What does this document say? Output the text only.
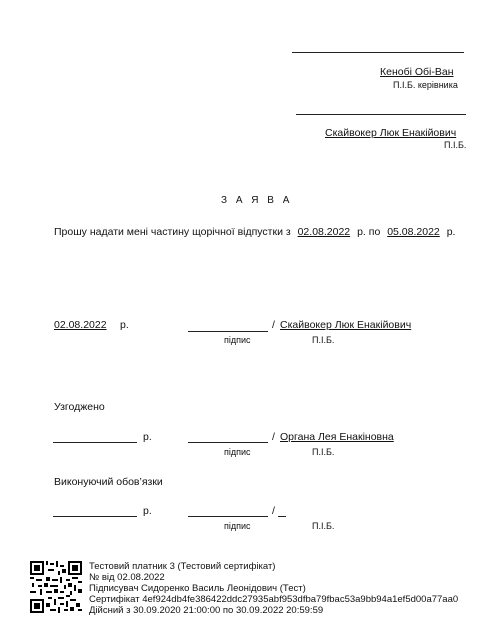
Кенобі Обі-Ван
П.І.Б. керівника
Скайвокер Люк Енакійович
П.І.Б.
З А Я В А
Прошу надати мені частину щорічної відпустки з 02.08.2022 р. по 05.08.2022 р.
02.08.2022 р.	/ Скайвокер Люк Енакійович
підпис	П.І.Б.
Узгоджено
р.	/ Органа Лея Енакіновна
підпис	П.І.Б.
Виконуючий обов’язки
р.	/
підпис	П.І.Б.
Тестовий платник 3 (Тестовий сертифікат)
№ від 02.08.2022
Підписувач Сидоренко Василь Леонідович (Тест)
Сертифікат 4ef924db4fe386422ddc27935abf953dfba79fbac53a9bb94a1ef5d00a77aa0
Дійсний з 30.09.2020 21:00:00 по 30.09.2022 20:59:59
